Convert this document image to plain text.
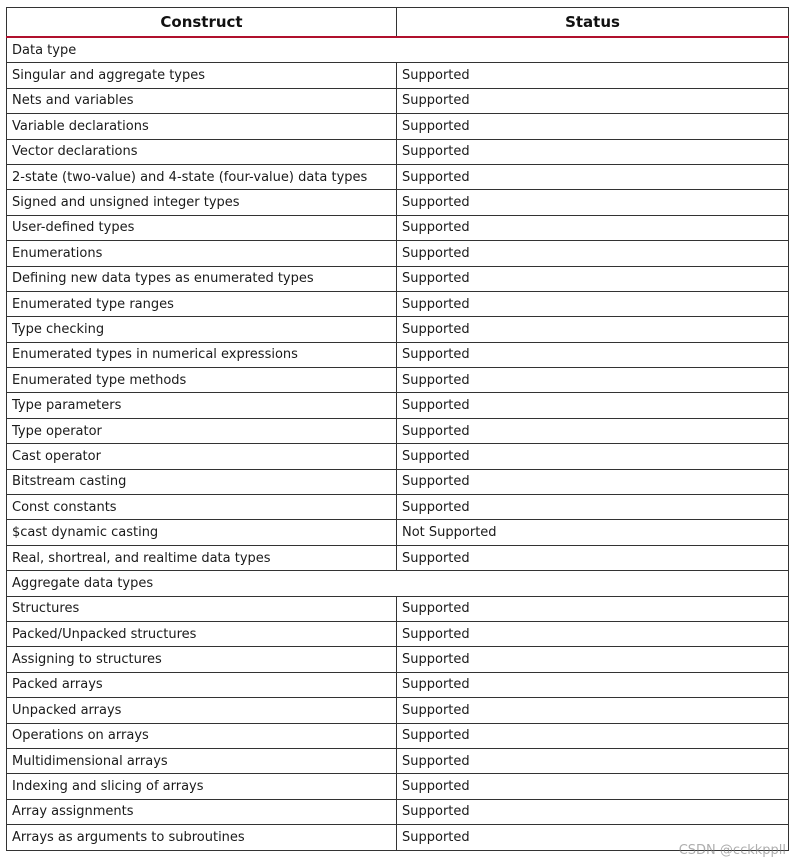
Construct	Status
Data type	
Singular and aggregate types	Supported
Nets and variables	Supported
Variable declarations	Supported
Vector declarations	Supported
2-state (two-value) and 4-state (four-value) data types	Supported
Signed and unsigned integer types	Supported
User-defined types	Supported
Enumerations	Supported
Defining new data types as enumerated types	Supported
Enumerated type ranges	Supported
Type checking	Supported
Enumerated types in numerical expressions	Supported
Enumerated type methods	Supported
Type parameters	Supported
Type operator	Supported
Cast operator	Supported
Bitstream casting	Supported
Const constants	Supported
$cast dynamic casting	Not Supported
Real, shortreal, and realtime data types	Supported
Aggregate data types	
Structures	Supported
Packed/Unpacked structures	Supported
Assigning to structures	Supported
Packed arrays	Supported
Unpacked arrays	Supported
Operations on arrays	Supported
Multidimensional arrays	Supported
Indexing and slicing of arrays	Supported
Array assignments	Supported
Arrays as arguments to subroutines	Supported
CSDN @cckkppll
